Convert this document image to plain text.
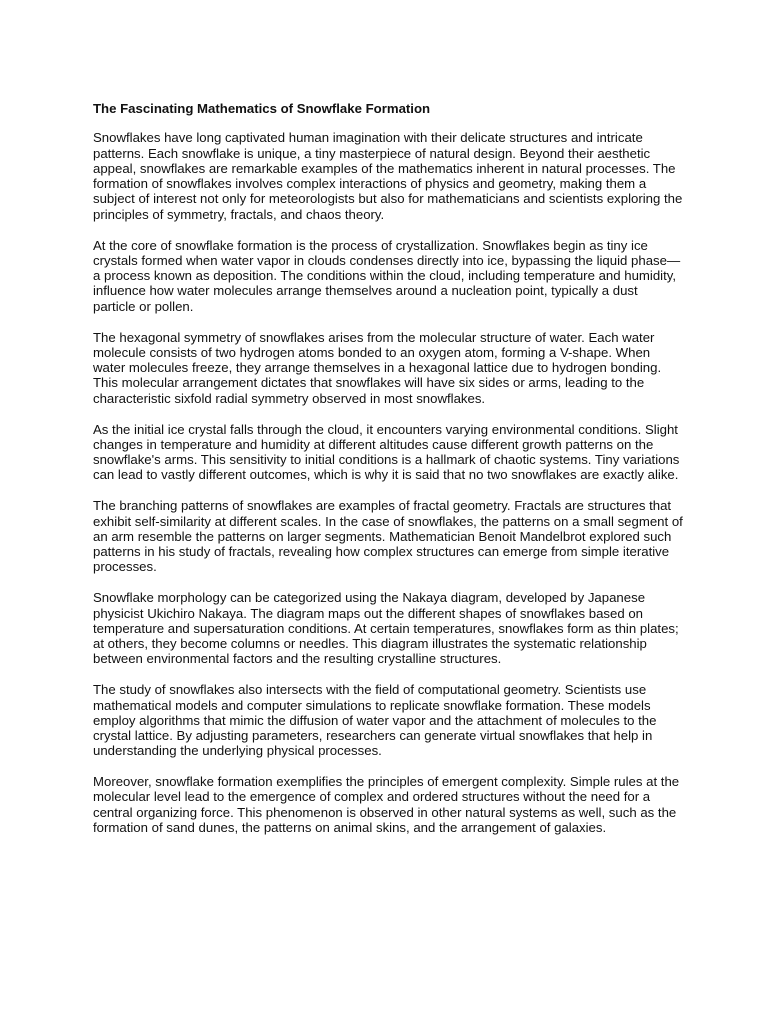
The Fascinating Mathematics of Snowflake Formation

Snowflakes have long captivated human imagination with their delicate structures and intricate patterns. Each snowflake is unique, a tiny masterpiece of natural design. Beyond their aesthetic appeal, snowflakes are remarkable examples of the mathematics inherent in natural processes. The formation of snowflakes involves complex interactions of physics and geometry, making them a subject of interest not only for meteorologists but also for mathematicians and scientists exploring the principles of symmetry, fractals, and chaos theory.

At the core of snowflake formation is the process of crystallization. Snowflakes begin as tiny ice crystals formed when water vapor in clouds condenses directly into ice, bypassing the liquid phase—a process known as deposition. The conditions within the cloud, including temperature and humidity, influence how water molecules arrange themselves around a nucleation point, typically a dust particle or pollen.

The hexagonal symmetry of snowflakes arises from the molecular structure of water. Each water molecule consists of two hydrogen atoms bonded to an oxygen atom, forming a V-shape. When water molecules freeze, they arrange themselves in a hexagonal lattice due to hydrogen bonding. This molecular arrangement dictates that snowflakes will have six sides or arms, leading to the characteristic sixfold radial symmetry observed in most snowflakes.

As the initial ice crystal falls through the cloud, it encounters varying environmental conditions. Slight changes in temperature and humidity at different altitudes cause different growth patterns on the snowflake's arms. This sensitivity to initial conditions is a hallmark of chaotic systems. Tiny variations can lead to vastly different outcomes, which is why it is said that no two snowflakes are exactly alike.

The branching patterns of snowflakes are examples of fractal geometry. Fractals are structures that exhibit self-similarity at different scales. In the case of snowflakes, the patterns on a small segment of an arm resemble the patterns on larger segments. Mathematician Benoit Mandelbrot explored such patterns in his study of fractals, revealing how complex structures can emerge from simple iterative processes.

Snowflake morphology can be categorized using the Nakaya diagram, developed by Japanese physicist Ukichiro Nakaya. The diagram maps out the different shapes of snowflakes based on temperature and supersaturation conditions. At certain temperatures, snowflakes form as thin plates; at others, they become columns or needles. This diagram illustrates the systematic relationship between environmental factors and the resulting crystalline structures.

The study of snowflakes also intersects with the field of computational geometry. Scientists use mathematical models and computer simulations to replicate snowflake formation. These models employ algorithms that mimic the diffusion of water vapor and the attachment of molecules to the crystal lattice. By adjusting parameters, researchers can generate virtual snowflakes that help in understanding the underlying physical processes.

Moreover, snowflake formation exemplifies the principles of emergent complexity. Simple rules at the molecular level lead to the emergence of complex and ordered structures without the need for a central organizing force. This phenomenon is observed in other natural systems as well, such as the formation of sand dunes, the patterns on animal skins, and the arrangement of galaxies.
